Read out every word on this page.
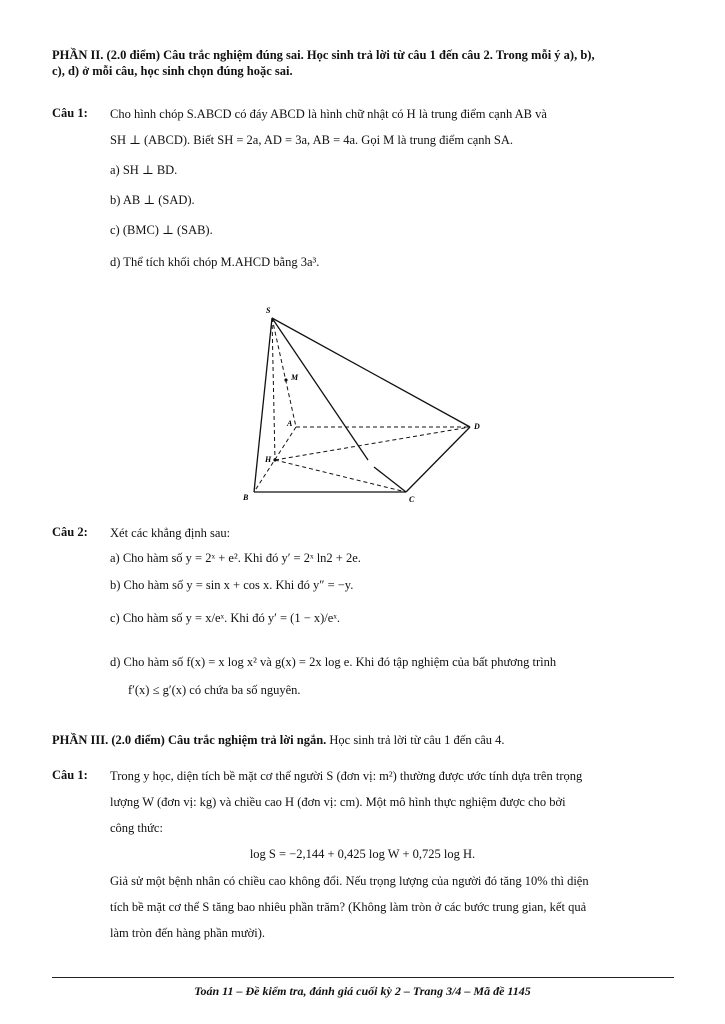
PHẦN II. (2.0 điểm) Câu trắc nghiệm đúng sai. Học sinh trả lời từ câu 1 đến câu 2. Trong mỗi ý a), b),
c), d) ở mỗi câu, học sinh chọn đúng hoặc sai.
Câu 1: Cho hình chóp S.ABCD có đáy ABCD là hình chữ nhật có H là trung điểm cạnh AB và
SH ⊥ (ABCD). Biết SH = 2a, AD = 3a, AB = 4a. Gọi M là trung điểm cạnh SA.
a) SH ⊥ BD.
b) AB ⊥ (SAD).
c) (BMC) ⊥ (SAB).
d) Thể tích khối chóp M.AHCD bằng 3a³.
S
M
A	D
H
B	C
Câu 2: Xét các khẳng định sau:
a) Cho hàm số y = 2ˣ + e². Khi đó y′ = 2ˣ ln2 + 2e.
b) Cho hàm số y = sin x + cos x. Khi đó y″ = −y.
c) Cho hàm số y = x/eˣ. Khi đó y′ = (1 − x)/eˣ.
d) Cho hàm số f(x) = x log x² và g(x) = 2x log e. Khi đó tập nghiệm của bất phương trình
f′(x) ≤ g′(x) có chứa ba số nguyên.
PHẦN III. (2.0 điểm) Câu trắc nghiệm trả lời ngắn. Học sinh trả lời từ câu 1 đến câu 4.
Câu 1: Trong y học, diện tích bề mặt cơ thể người S (đơn vị: m²) thường được ước tính dựa trên trọng
lượng W (đơn vị: kg) và chiều cao H (đơn vị: cm). Một mô hình thực nghiệm được cho bởi
công thức:
log S = −2,144 + 0,425 log W + 0,725 log H.
Giả sử một bệnh nhân có chiều cao không đổi. Nếu trọng lượng của người đó tăng 10% thì diện
tích bề mặt cơ thể S tăng bao nhiêu phần trăm? (Không làm tròn ở các bước trung gian, kết quả
làm tròn đến hàng phần mười).
Toán 11 – Đề kiểm tra, đánh giá cuối kỳ 2 – Trang 3/4 – Mã đề 1145
